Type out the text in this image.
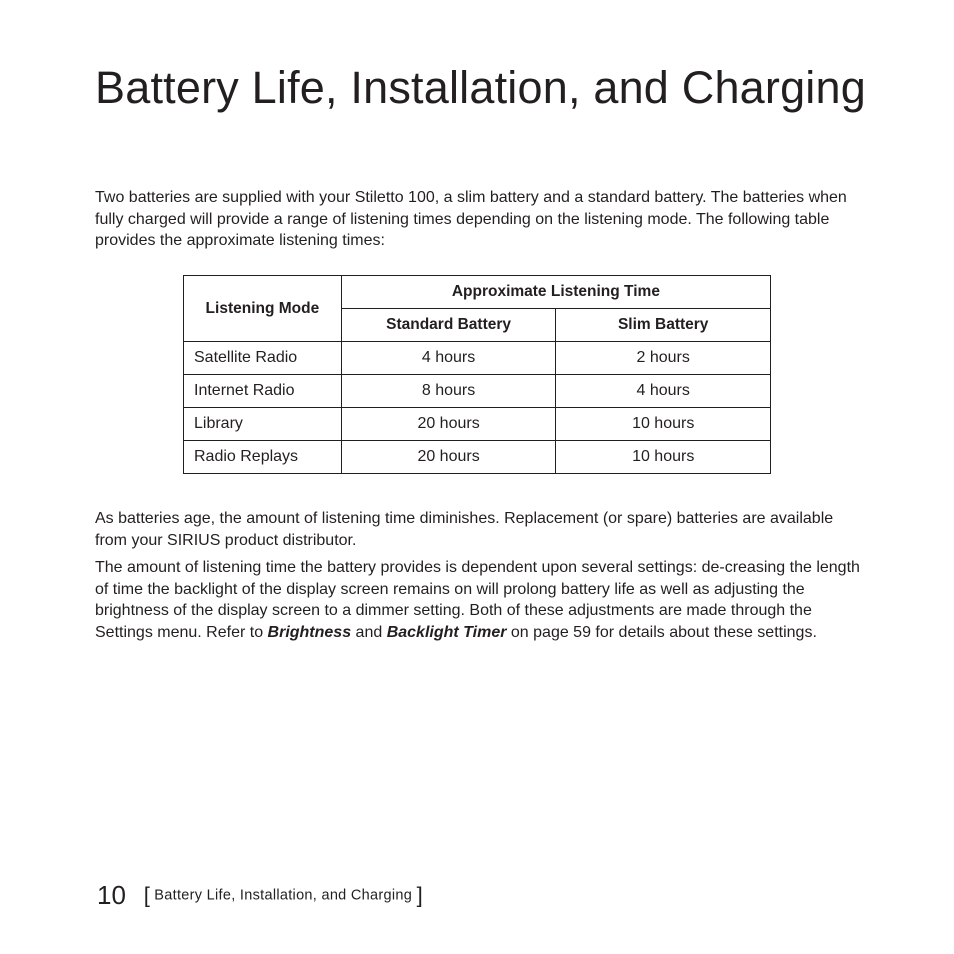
Battery Life, Installation, and Charging

Two batteries are supplied with your Stiletto 100, a slim battery and a standard battery. The batteries when fully charged will provide a range of listening times depending on the listening mode. The following table provides the approximate listening times:

Listening Mode	Approximate Listening Time	
	Standard Battery	Slim Battery
Satellite Radio	4 hours	2 hours
Internet Radio	8 hours	4 hours
Library	20 hours	10 hours
Radio Replays	20 hours	10 hours

As batteries age, the amount of listening time diminishes. Replacement (or spare) batteries are available from your SIRIUS product distributor.

The amount of listening time the battery provides is dependent upon several settings: de-creasing the length of time the backlight of the display screen remains on will prolong battery life as well as adjusting the brightness of the display screen to a dimmer setting. Both of these adjustments are made through the Settings menu. Refer to Brightness and Backlight Timer on page 59 for details about these settings.

10 [ Battery Life, Installation, and Charging ]
